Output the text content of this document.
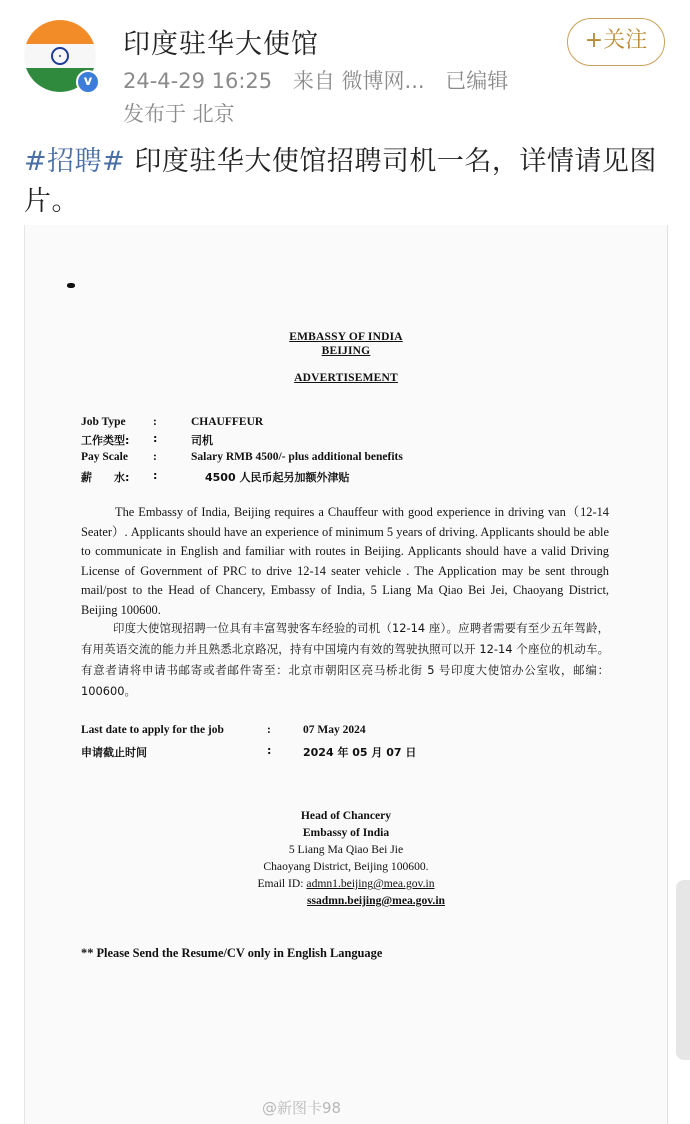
v
印度驻华大使馆
24-4-29 16:25 来自 微博网... 已编辑
发布于 北京
+关注
#招聘# 印度驻华大使馆招聘司机一名，详情请见图片。
EMBASSY OF INDIA
BEIJING
ADVERTISEMENT
Job Type :	CHAUFFEUR
工作类型: :	司机
Pay Scale :	Salary RMB 4500/- plus additional benefits
薪　　水: :	4500 人民币起另加额外津贴
The Embassy of India, Beijing requires a Chauffeur with good experience in driving van（12-14 Seater）. Applicants should have an experience of minimum 5 years of driving. Applicants should be able to communicate in English and familiar with routes in Beijing. Applicants should have a valid Driving License of Government of PRC to drive 12-14 seater vehicle . The Application may be sent through mail/post to the Head of Chancery, Embassy of India, 5 Liang Ma Qiao Bei Jei, Chaoyang District, Beijing 100600.
印度大使馆现招聘一位具有丰富驾驶客车经验的司机（12-14 座）。应聘者需要有至少五年驾龄，有用英语交流的能力并且熟悉北京路况，持有中国境内有效的驾驶执照可以开 12-14 个座位的机动车。有意者请将申请书邮寄或者邮件寄至：北京市朝阳区亮马桥北街 5 号印度大使馆办公室收，邮编：100600。
Last date to apply for the job	:	07 May 2024
申请截止时间	:	2024 年 05 月 07 日
Head of Chancery
Embassy of India
5 Liang Ma Qiao Bei Jie
Chaoyang District, Beijing 100600.
Email ID: admn1.beijing@mea.gov.in
ssadmn.beijing@mea.gov.in
** Please Send the Resume/CV only in English Language
@新图卡98
